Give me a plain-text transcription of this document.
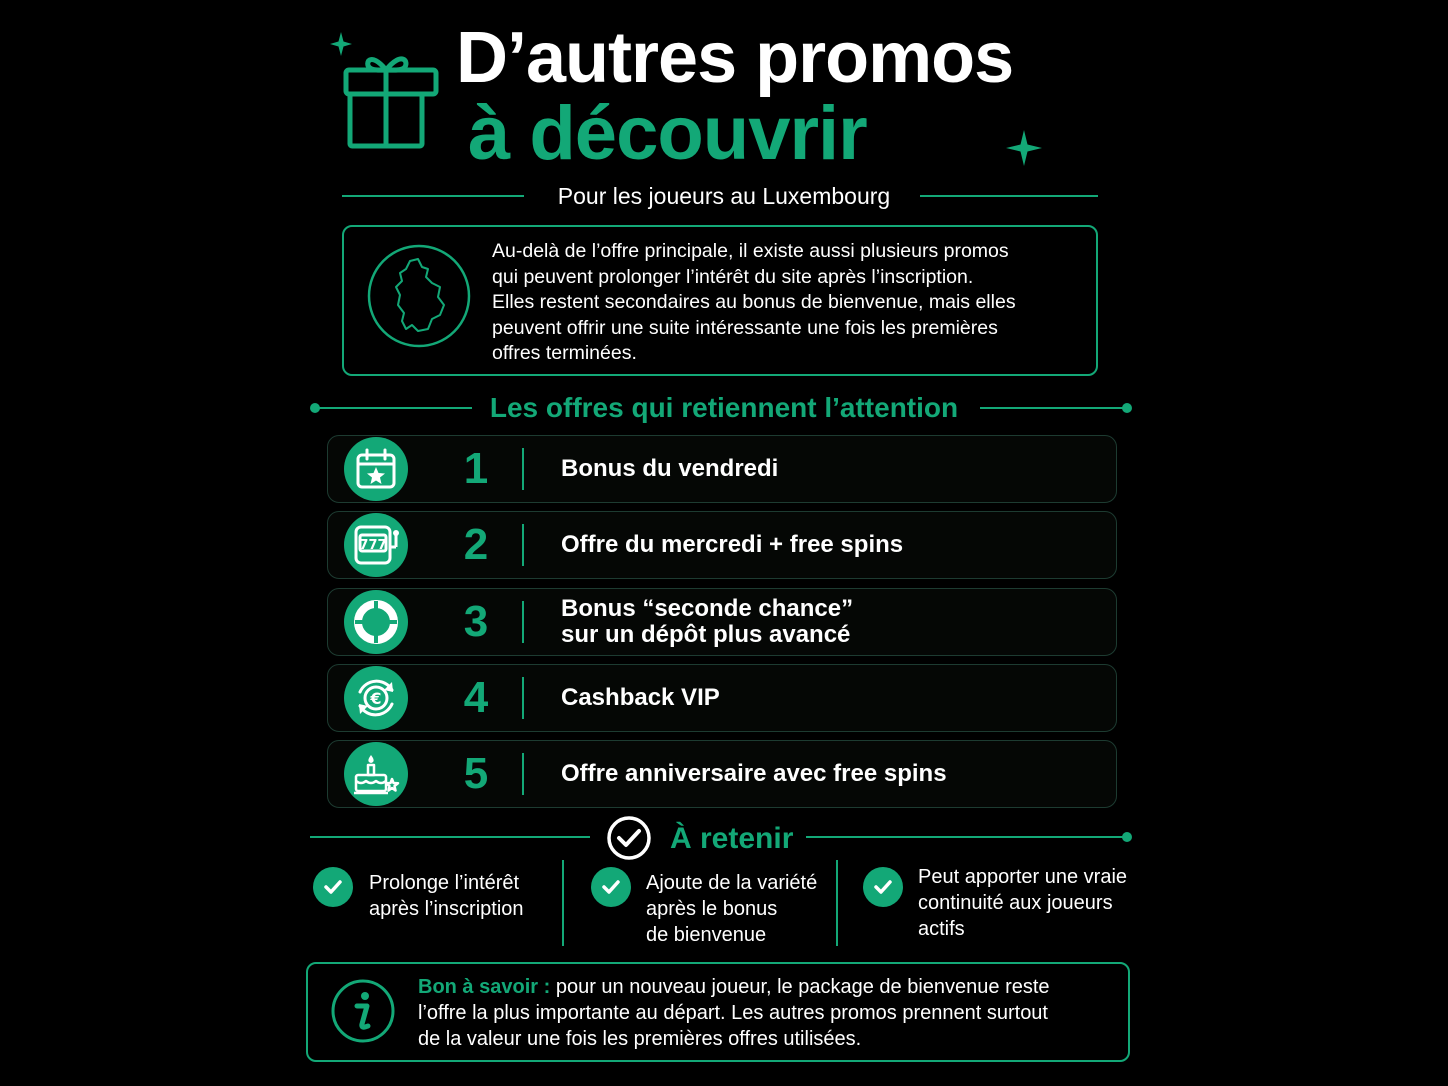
D’autres promos
à découvrir
Pour les joueurs au Luxembourg
Au-delà de l’offre principale, il existe aussi plusieurs promos
qui peuvent prolonger l’intérêt du site après l’inscription.
Elles restent secondaires au bonus de bienvenue, mais elles
peuvent offrir une suite intéressante une fois les premières
offres terminées.
Les offres qui retiennent l’attention
1	Bonus du vendredi
777 2	Offre du mercredi + free spins
3	Bonus “seconde chance”
sur un dépôt plus avancé
€ 4	Cashback VIP
5	Offre anniversaire avec free spins
À retenir
Prolonge l’intérêt
après l’inscription
Ajoute de la variété
après le bonus
de bienvenue
Peut apporter une vraie
continuité aux joueurs
actifs
Bon à savoir : pour un nouveau joueur, le package de bienvenue reste
l’offre la plus importante au départ. Les autres promos prennent surtout
de la valeur une fois les premières offres utilisées.
